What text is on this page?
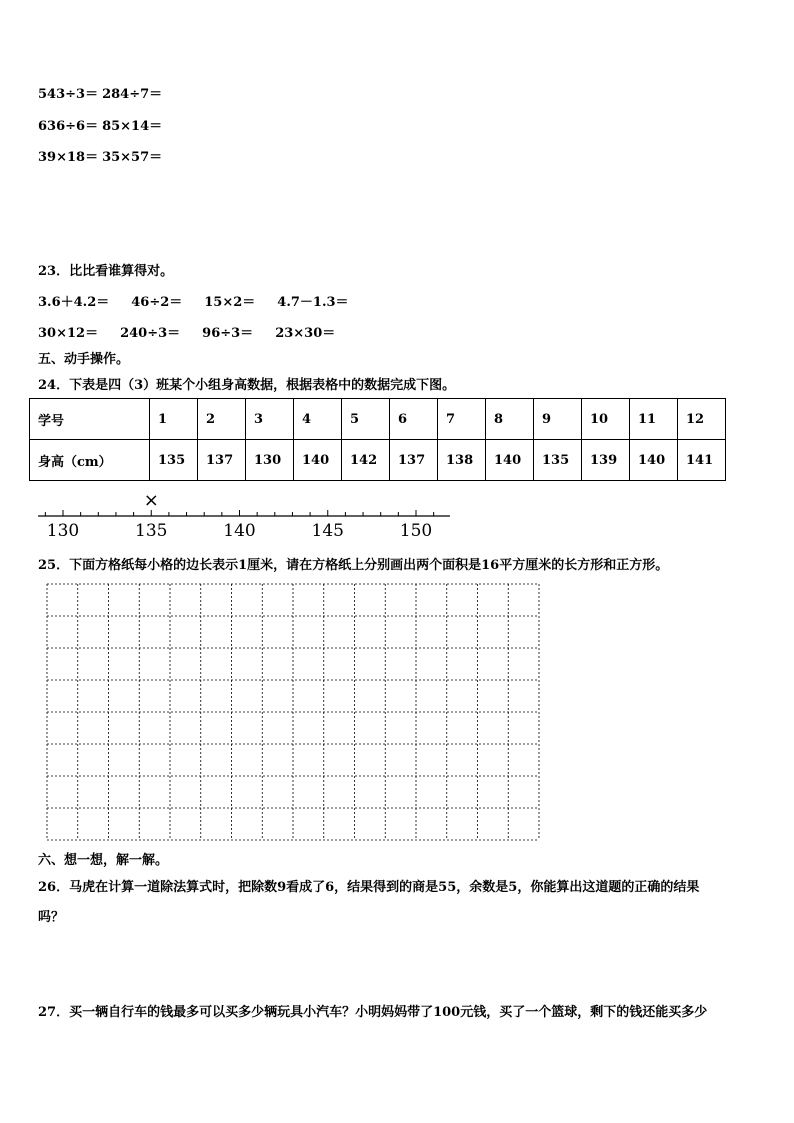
543÷3＝ 284÷7＝
636÷6＝ 85×14＝
39×18＝ 35×57＝
23．比比看谁算得对。
3.6＋4.2＝ 46÷2＝ 15×2＝ 4.7－1.3＝
30×12＝ 240÷3＝ 96÷3＝ 23×30＝
五、动手操作。
24．下表是四（3）班某个小组身高数据，根据表格中的数据完成下图。
学号	1	2	3	4	5	6	7	8	9	10	11	12
身高（cm）	135	137	130	140	142	137	138	140	135	139	140	141
130	135	140	145	150
×
25．下面方格纸每小格的边长表示1厘米，请在方格纸上分别画出两个面积是16平方厘米的长方形和正方形。
六、想一想，解一解。
26．马虎在计算一道除法算式时，把除数9看成了6，结果得到的商是55，余数是5，你能算出这道题的正确的结果
吗？
27．买一辆自行车的钱最多可以买多少辆玩具小汽车？小明妈妈带了100元钱，买了一个篮球，剩下的钱还能买多少
